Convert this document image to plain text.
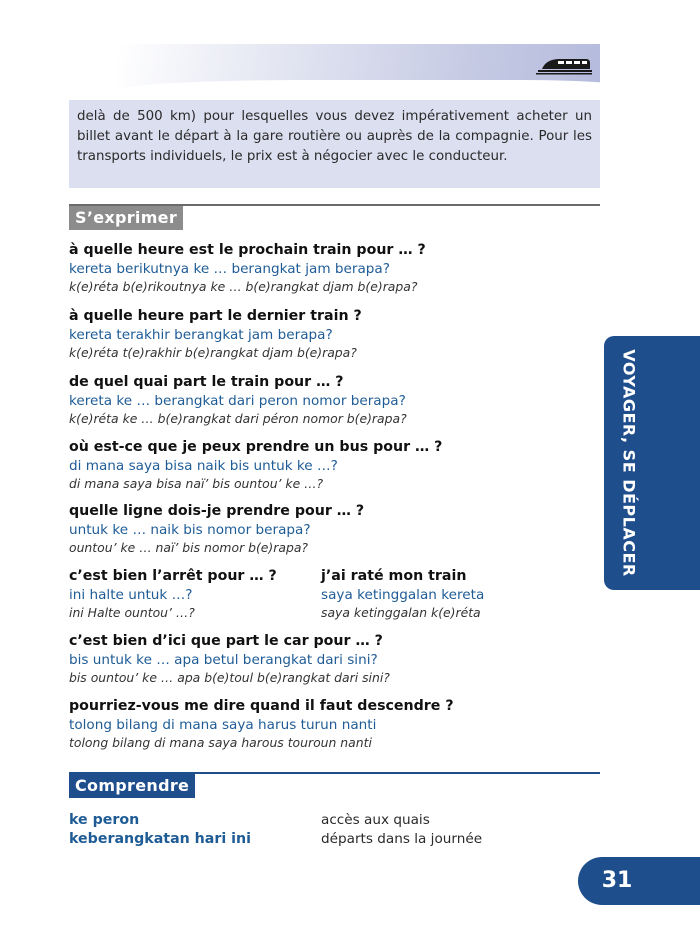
delà de 500 km) pour lesquelles vous devez impérativement acheter un billet avant le départ à la gare routière ou auprès de la compagnie. Pour les transports individuels, le prix est à négocier avec le conducteur.
S’exprimer
à quelle heure est le prochain train pour … ?
kereta berikutnya ke … berangkat jam berapa?
k(e)réta b(e)rikoutnya ke … b(e)rangkat djam b(e)rapa?
à quelle heure part le dernier train ?
kereta terakhir berangkat jam berapa?
k(e)réta t(e)rakhir b(e)rangkat djam b(e)rapa?
de quel quai part le train pour … ?
kereta ke … berangkat dari peron nomor berapa?
k(e)réta ke … b(e)rangkat dari péron nomor b(e)rapa?
où est-ce que je peux prendre un bus pour … ?
di mana saya bisa naik bis untuk ke …?
di mana saya bisa naï’ bis ountou’ ke …?
quelle ligne dois-je prendre pour … ?
untuk ke … naik bis nomor berapa?
ountou’ ke … naï’ bis nomor b(e)rapa?
c’est bien l’arrêt pour … ?
ini halte untuk …?
ini Halte ountou’ …?
j’ai raté mon train
saya ketinggalan kereta
saya ketinggalan k(e)réta
c’est bien d’ici que part le car pour … ?
bis untuk ke … apa betul berangkat dari sini?
bis ountou’ ke … apa b(e)toul b(e)rangkat dari sini?
pourriez-vous me dire quand il faut descendre ?
tolong bilang di mana saya harus turun nanti
tolong bilang di mana saya harous touroun nanti
Comprendre
ke peron	accès aux quais
keberangkatan hari ini	départs dans la journée
VOYAGER, SE DÉPLACER
31
